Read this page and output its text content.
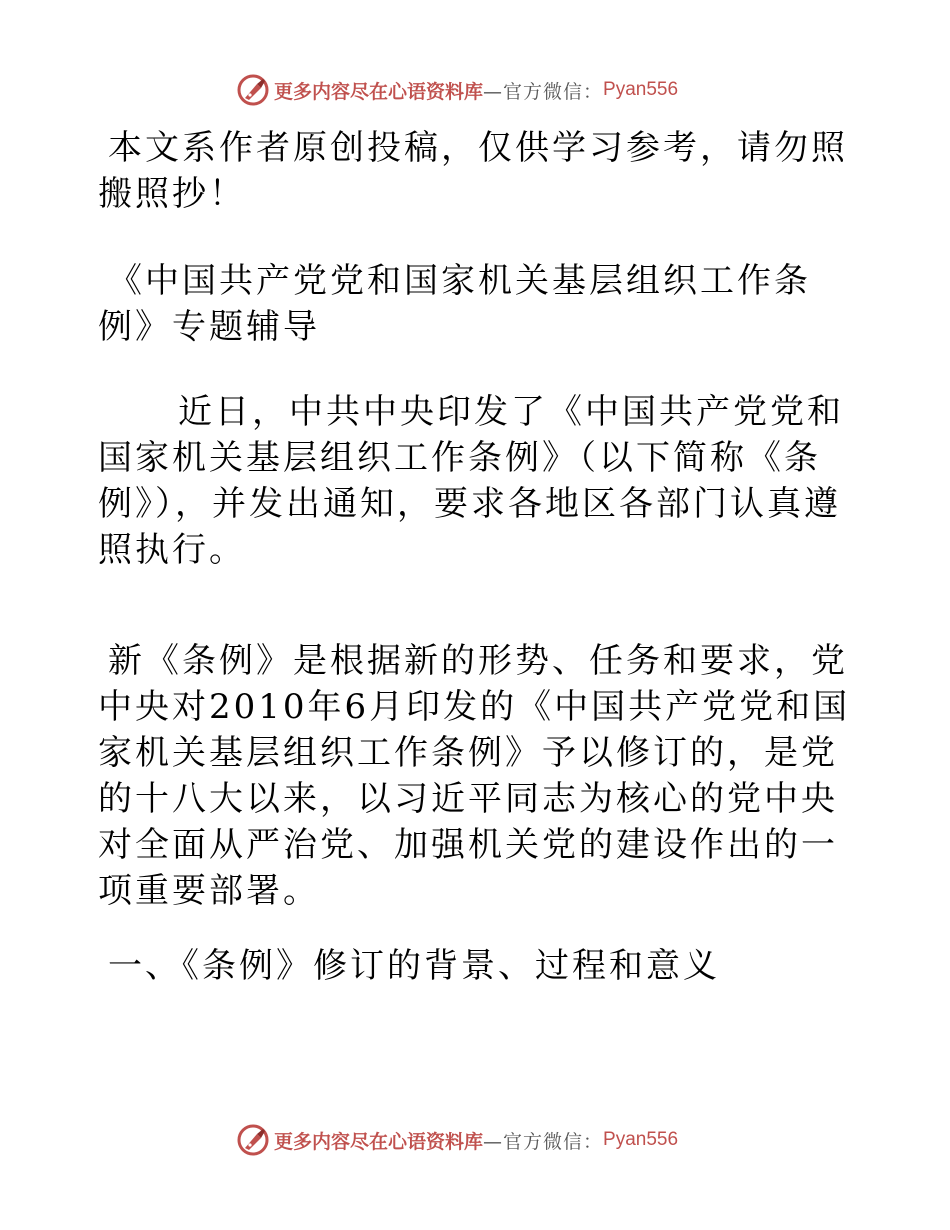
更多内容尽在心语资料库 —官方微信： Pyan556

本文系作者原创投稿，仅供学习参考，请勿照搬照抄！

《中国共产党党和国家机关基层组织工作条例》专题辅导

近日，中共中央印发了《中国共产党党和国家机关基层组织工作条例》（以下简称《条例》），并发出通知，要求各地区各部门认真遵照执行。

新《条例》是根据新的形势、任务和要求，党中央对2010年6月印发的《中国共产党党和国家机关基层组织工作条例》予以修订的，是党的十八大以来，以习近平同志为核心的党中央对全面从严治党、加强机关党的建设作出的一项重要部署。

一、《条例》修订的背景、过程和意义

更多内容尽在心语资料库 —官方微信： Pyan556
